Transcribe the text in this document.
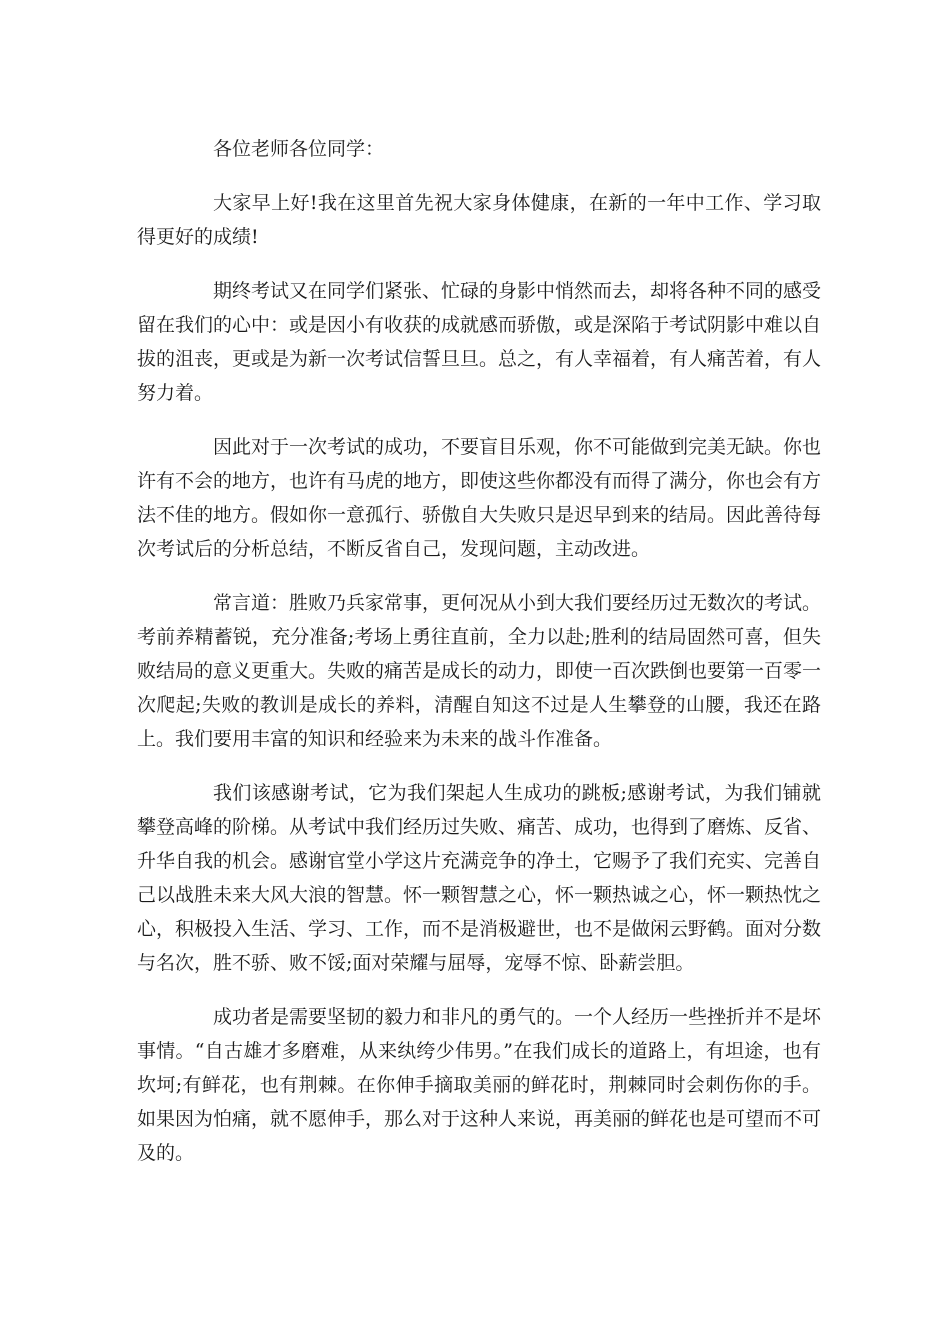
各位老师各位同学：

大家早上好!我在这里首先祝大家身体健康，在新的一年中工作、学习取得更好的成绩!

期终考试又在同学们紧张、忙碌的身影中悄然而去，却将各种不同的感受留在我们的心中：或是因小有收获的成就感而骄傲，或是深陷于考试阴影中难以自拔的沮丧，更或是为新一次考试信誓旦旦。总之，有人幸福着，有人痛苦着，有人努力着。

因此对于一次考试的成功，不要盲目乐观，你不可能做到完美无缺。你也许有不会的地方，也许有马虎的地方，即使这些你都没有而得了满分，你也会有方法不佳的地方。假如你一意孤行、骄傲自大失败只是迟早到来的结局。因此善待每次考试后的分析总结，不断反省自己，发现问题，主动改进。

常言道：胜败乃兵家常事，更何况从小到大我们要经历过无数次的考试。考前养精蓄锐，充分准备;考场上勇往直前，全力以赴;胜利的结局固然可喜，但失败结局的意义更重大。失败的痛苦是成长的动力，即使一百次跌倒也要第一百零一次爬起;失败的教训是成长的养料，清醒自知这不过是人生攀登的山腰，我还在路上。我们要用丰富的知识和经验来为未来的战斗作准备。

我们该感谢考试，它为我们架起人生成功的跳板;感谢考试，为我们铺就攀登高峰的阶梯。从考试中我们经历过失败、痛苦、成功，也得到了磨炼、反省、升华自我的机会。感谢官堂小学这片充满竞争的净土，它赐予了我们充实、完善自己以战胜未来大风大浪的智慧。怀一颗智慧之心，怀一颗热诚之心，怀一颗热忱之心，积极投入生活、学习、工作，而不是消极避世，也不是做闲云野鹤。面对分数与名次，胜不骄、败不馁;面对荣耀与屈辱，宠辱不惊、卧薪尝胆。

成功者是需要坚韧的毅力和非凡的勇气的。一个人经历一些挫折并不是坏事情。“自古雄才多磨难，从来纨绔少伟男。”在我们成长的道路上，有坦途，也有坎坷;有鲜花，也有荆棘。在你伸手摘取美丽的鲜花时，荆棘同时会刺伤你的手。如果因为怕痛，就不愿伸手，那么对于这种人来说，再美丽的鲜花也是可望而不可及的。
